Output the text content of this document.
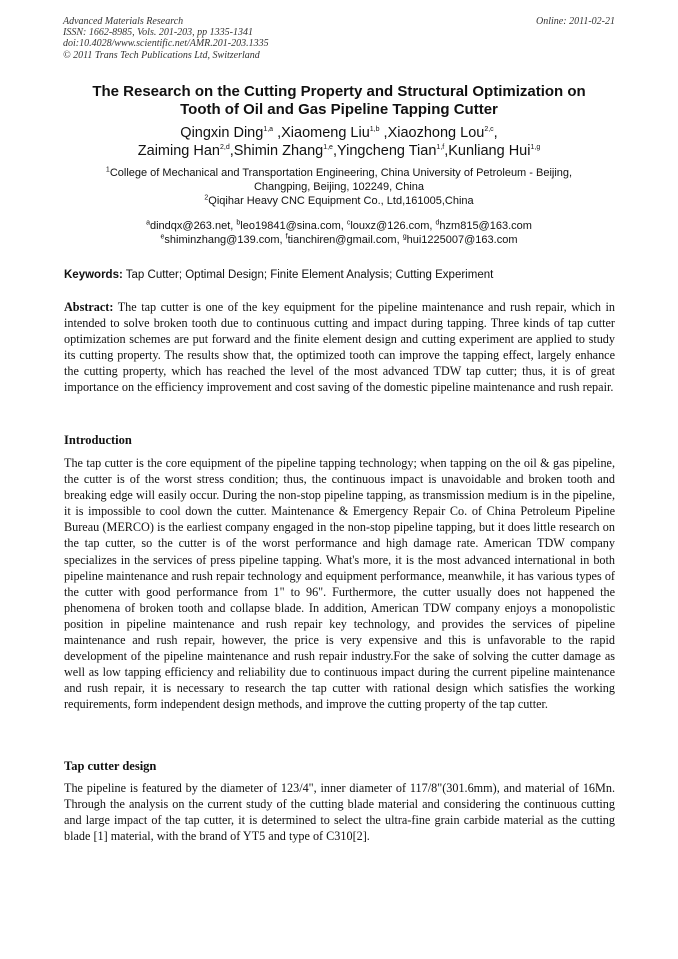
Advanced Materials Research
ISSN: 1662-8985, Vols. 201-203, pp 1335-1341
doi:10.4028/www.scientific.net/AMR.201-203.1335
© 2011 Trans Tech Publications Ltd, Switzerland
Online: 2011-02-21
The Research on the Cutting Property and Structural Optimization on
Tooth of Oil and Gas Pipeline Tapping Cutter
Qingxin Ding$^{1,a}$ ,Xiaomeng Liu$^{1,b}$ ,Xiaozhong Lou$^{2,c}$,
Zaiming Han$^{2,d}$,Shimin Zhang$^{1,e}$,Yingcheng Tian$^{1,f}$,Kunliang Hui$^{1,g}$
$^1$College of Mechanical and Transportation Engineering, China University of Petroleum - Beijing,
Changping, Beijing, 102249, China
$^2$Qiqihar Heavy CNC Equipment Co., Ltd,161005,China
$^a$dindqx@263.net, $^b$leo19841@sina.com, $^c$louxz@126.com, $^d$hzm815@163.com
$^e$shiminzhang@139.com, $^f$tianchiren@gmail.com, $^g$hui1225007@163.com
Keywords: Tap Cutter; Optimal Design; Finite Element Analysis; Cutting Experiment
Abstract: The tap cutter is one of the key equipment for the pipeline maintenance and rush repair, which in intended to solve broken tooth due to continuous cutting and impact during tapping. Three kinds of tap cutter optimization schemes are put forward and the finite element design and cutting experiment are applied to study its cutting property. The results show that, the optimized tooth can improve the tapping effect, largely enhance the cutting property, which has reached the level of the most advanced TDW tap cutter; thus, it is of great importance on the efficiency improvement and cost saving of the domestic pipeline maintenance and rush repair.
Introduction
The tap cutter is the core equipment of the pipeline tapping technology; when tapping on the oil & gas pipeline, the cutter is of the worst stress condition; thus, the continuous impact is unavoidable and broken tooth and breaking edge will easily occur. During the non-stop pipeline tapping, as transmission medium is in the pipeline, it is impossible to cool down the cutter. Maintenance & Emergency Repair Co. of China Petroleum Pipeline Bureau (MERCO) is the earliest company engaged in the non-stop pipeline tapping, but it does little research on the tap cutter, so the cutter is of the worst performance and high damage rate. American TDW company specializes in the services of press pipeline tapping. What's more, it is the most advanced international in both pipeline maintenance and rush repair technology and equipment performance, meanwhile, it has various types of the cutter with good performance from 1" to 96". Furthermore, the cutter usually does not happened the phenomena of broken tooth and collapse blade. In addition, American TDW company enjoys a monopolistic position in pipeline maintenance and rush repair key technology, and provides the services of pipeline maintenance and rush repair, however, the price is very expensive and this is unfavorable to the rapid development of the pipeline maintenance and rush repair industry.For the sake of solving the cutter damage as well as low tapping efficiency and reliability due to continuous impact during the current pipeline maintenance and rush repair, it is necessary to research the tap cutter with rational design which satisfies the working requirements, form independent design methods, and improve the cutting property of the tap cutter.
Tap cutter design
The pipeline is featured by the diameter of 123/4", inner diameter of 117/8"(301.6mm), and material of 16Mn. Through the analysis on the current study of the cutting blade material and considering the continuous cutting and large impact of the tap cutter, it is determined to select the ultra-fine grain carbide material as the cutting blade [1] material, with the brand of YT5 and type of C310[2].
